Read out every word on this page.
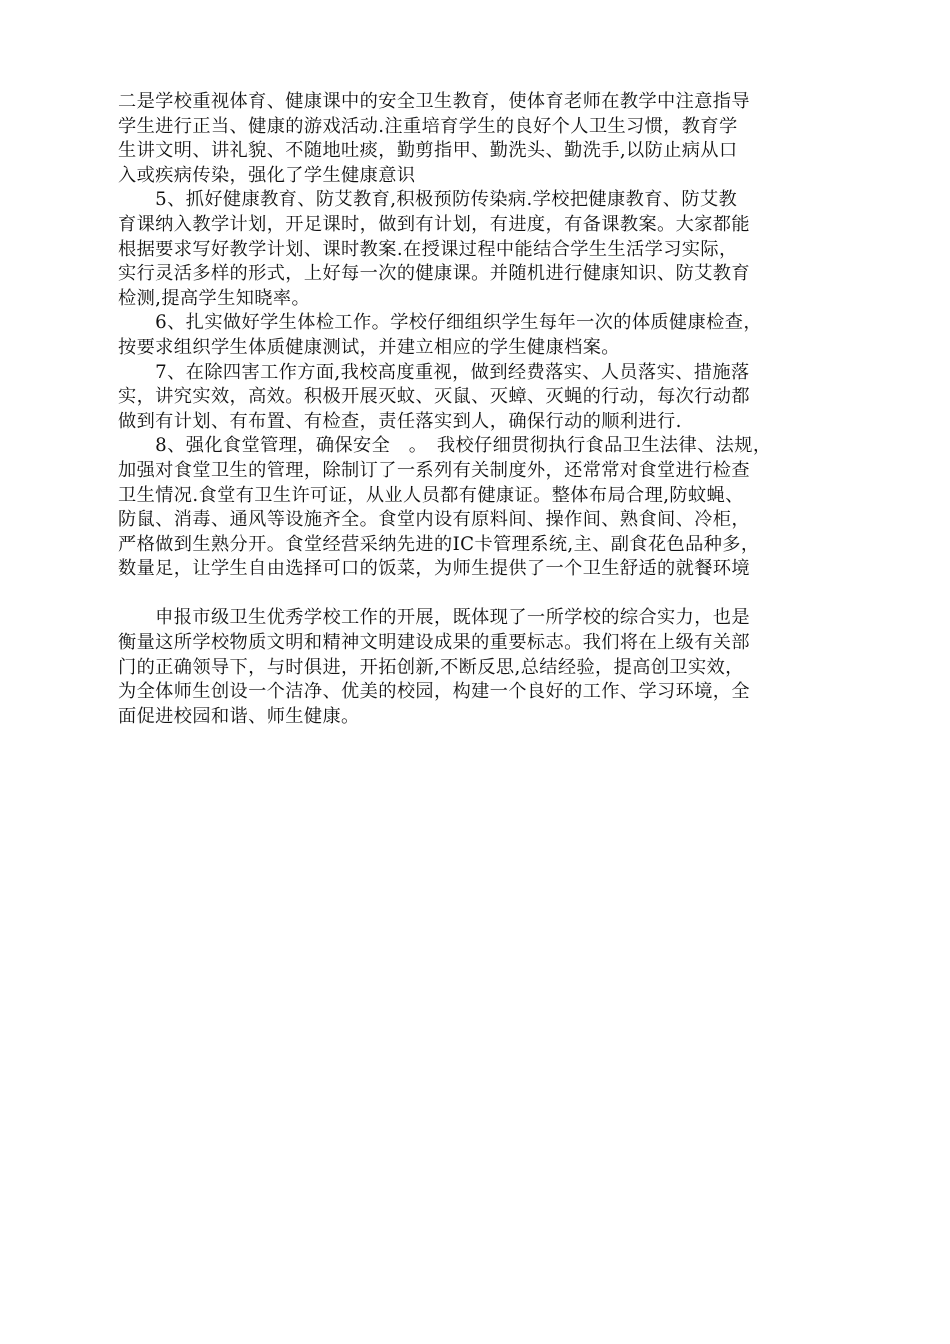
二是学校重视体育、健康课中的安全卫生教育，使体育老师在教学中注意指导
学生进行正当、健康的游戏活动.注重培育学生的良好个人卫生习惯，教育学
生讲文明、讲礼貌、不随地吐痰，勤剪指甲、勤洗头、勤洗手,以防止病从口
入或疾病传染，强化了学生健康意识
　　5、抓好健康教育、防艾教育,积极预防传染病.学校把健康教育、防艾教
育课纳入教学计划，开足课时，做到有计划，有进度，有备课教案。大家都能
根据要求写好教学计划、课时教案.在授课过程中能结合学生生活学习实际，
实行灵活多样的形式，上好每一次的健康课。并随机进行健康知识、防艾教育
检测,提高学生知晓率。
　　6、扎实做好学生体检工作。学校仔细组织学生每年一次的体质健康检查，
按要求组织学生体质健康测试，并建立相应的学生健康档案。
　　7、在除四害工作方面,我校高度重视，做到经费落实、人员落实、措施落
实，讲究实效，高效。积极开展灭蚊、灭鼠、灭蟑、灭蝇的行动，每次行动都
做到有计划、有布置、有检查，责任落实到人，确保行动的顺利进行.
　　8、强化食堂管理，确保安全　。　我校仔细贯彻执行食品卫生法律、法规，
加强对食堂卫生的管理，除制订了一系列有关制度外，还常常对食堂进行检查
卫生情况.食堂有卫生许可证，从业人员都有健康证。整体布局合理,防蚊蝇、
防鼠、消毒、通风等设施齐全。食堂内设有原料间、操作间、熟食间、冷柜，
严格做到生熟分开。食堂经营采纳先进的IC卡管理系统,主、副食花色品种多，
数量足，让学生自由选择可口的饭菜，为师生提供了一个卫生舒适的就餐环境
　　申报市级卫生优秀学校工作的开展，既体现了一所学校的综合实力，也是
衡量这所学校物质文明和精神文明建设成果的重要标志。我们将在上级有关部
门的正确领导下，与时俱进，开拓创新,不断反思,总结经验，提高创卫实效，
为全体师生创设一个洁净、优美的校园，构建一个良好的工作、学习环境，全
面促进校园和谐、师生健康。
